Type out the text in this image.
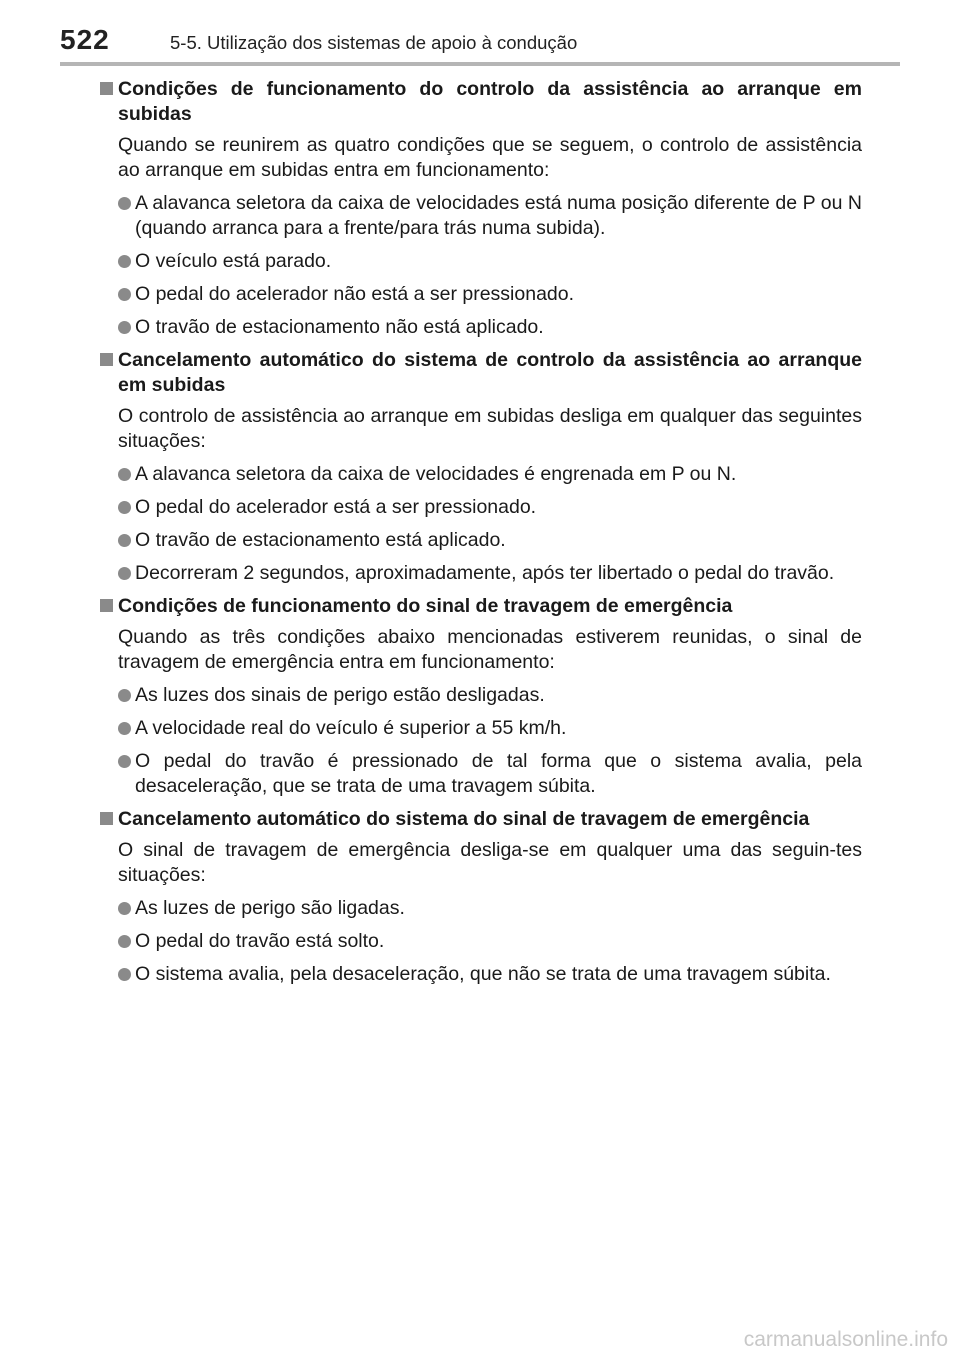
522	5-5. Utilização dos sistemas de apoio à condução
Condições de funcionamento do controlo da assistência ao arranque em subidas
Quando se reunirem as quatro condições que se seguem, o controlo de assistência ao arranque em subidas entra em funcionamento:
A alavanca seletora da caixa de velocidades está numa posição diferente de P ou N (quando arranca para a frente/para trás numa subida).
O veículo está parado.
O pedal do acelerador não está a ser pressionado.
O travão de estacionamento não está aplicado.
Cancelamento automático do sistema de controlo da assistência ao arranque em subidas
O controlo de assistência ao arranque em subidas desliga em qualquer das seguintes situações:
A alavanca seletora da caixa de velocidades é engrenada em P ou N.
O pedal do acelerador está a ser pressionado.
O travão de estacionamento está aplicado.
Decorreram 2 segundos, aproximadamente, após ter libertado o pedal do travão.
Condições de funcionamento do sinal de travagem de emergência
Quando as três condições abaixo mencionadas estiverem reunidas, o sinal de travagem de emergência entra em funcionamento:
As luzes dos sinais de perigo estão desligadas.
A velocidade real do veículo é superior a 55 km/h.
O pedal do travão é pressionado de tal forma que o sistema avalia, pela desaceleração, que se trata de uma travagem súbita.
Cancelamento automático do sistema do sinal de travagem de emergência
O sinal de travagem de emergência desliga-se em qualquer uma das seguin-tes situações:
As luzes de perigo são ligadas.
O pedal do travão está solto.
O sistema avalia, pela desaceleração, que não se trata de uma travagem súbita.
carmanualsonline.info
